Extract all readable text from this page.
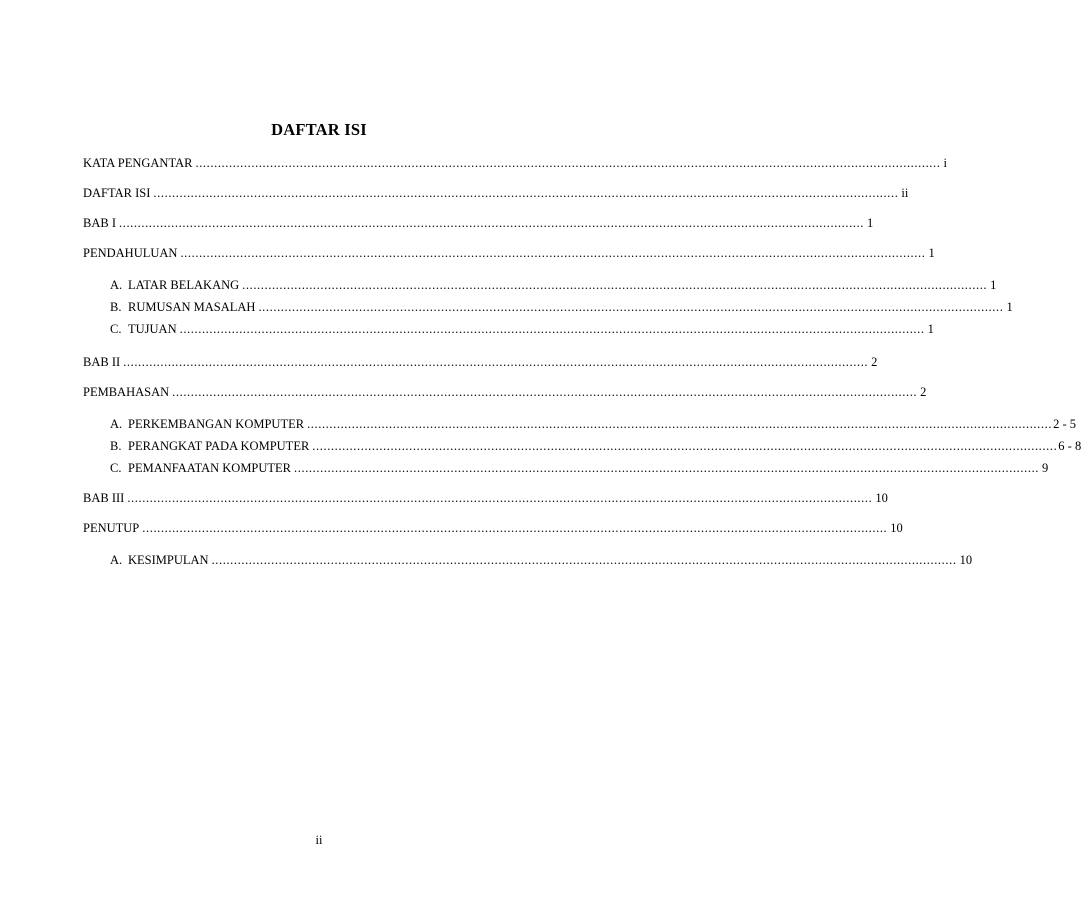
DAFTAR ISI
KATA PENGANTAR ........................................................................................................................................................................................................ i
DAFTAR ISI ........................................................................................................................................................................................................ ii
BAB I ........................................................................................................................................................................................................ 1
PENDAHULUAN ........................................................................................................................................................................................................ 1
A. LATAR BELAKANG ........................................................................................................................................................................................................ 1
B. RUMUSAN MASALAH ........................................................................................................................................................................................................ 1
C. TUJUAN ........................................................................................................................................................................................................ 1
BAB II ........................................................................................................................................................................................................ 2
PEMBAHASAN ........................................................................................................................................................................................................ 2
A. PERKEMBANGAN KOMPUTER ........................................................................................................................................................................................................ 2 - 5
B. PERANGKAT PADA KOMPUTER ........................................................................................................................................................................................................ 6 - 8
C. PEMANFAATAN KOMPUTER ........................................................................................................................................................................................................ 9
BAB III ........................................................................................................................................................................................................ 10
PENUTUP ........................................................................................................................................................................................................ 10
A. KESIMPULAN ........................................................................................................................................................................................................ 10
ii
